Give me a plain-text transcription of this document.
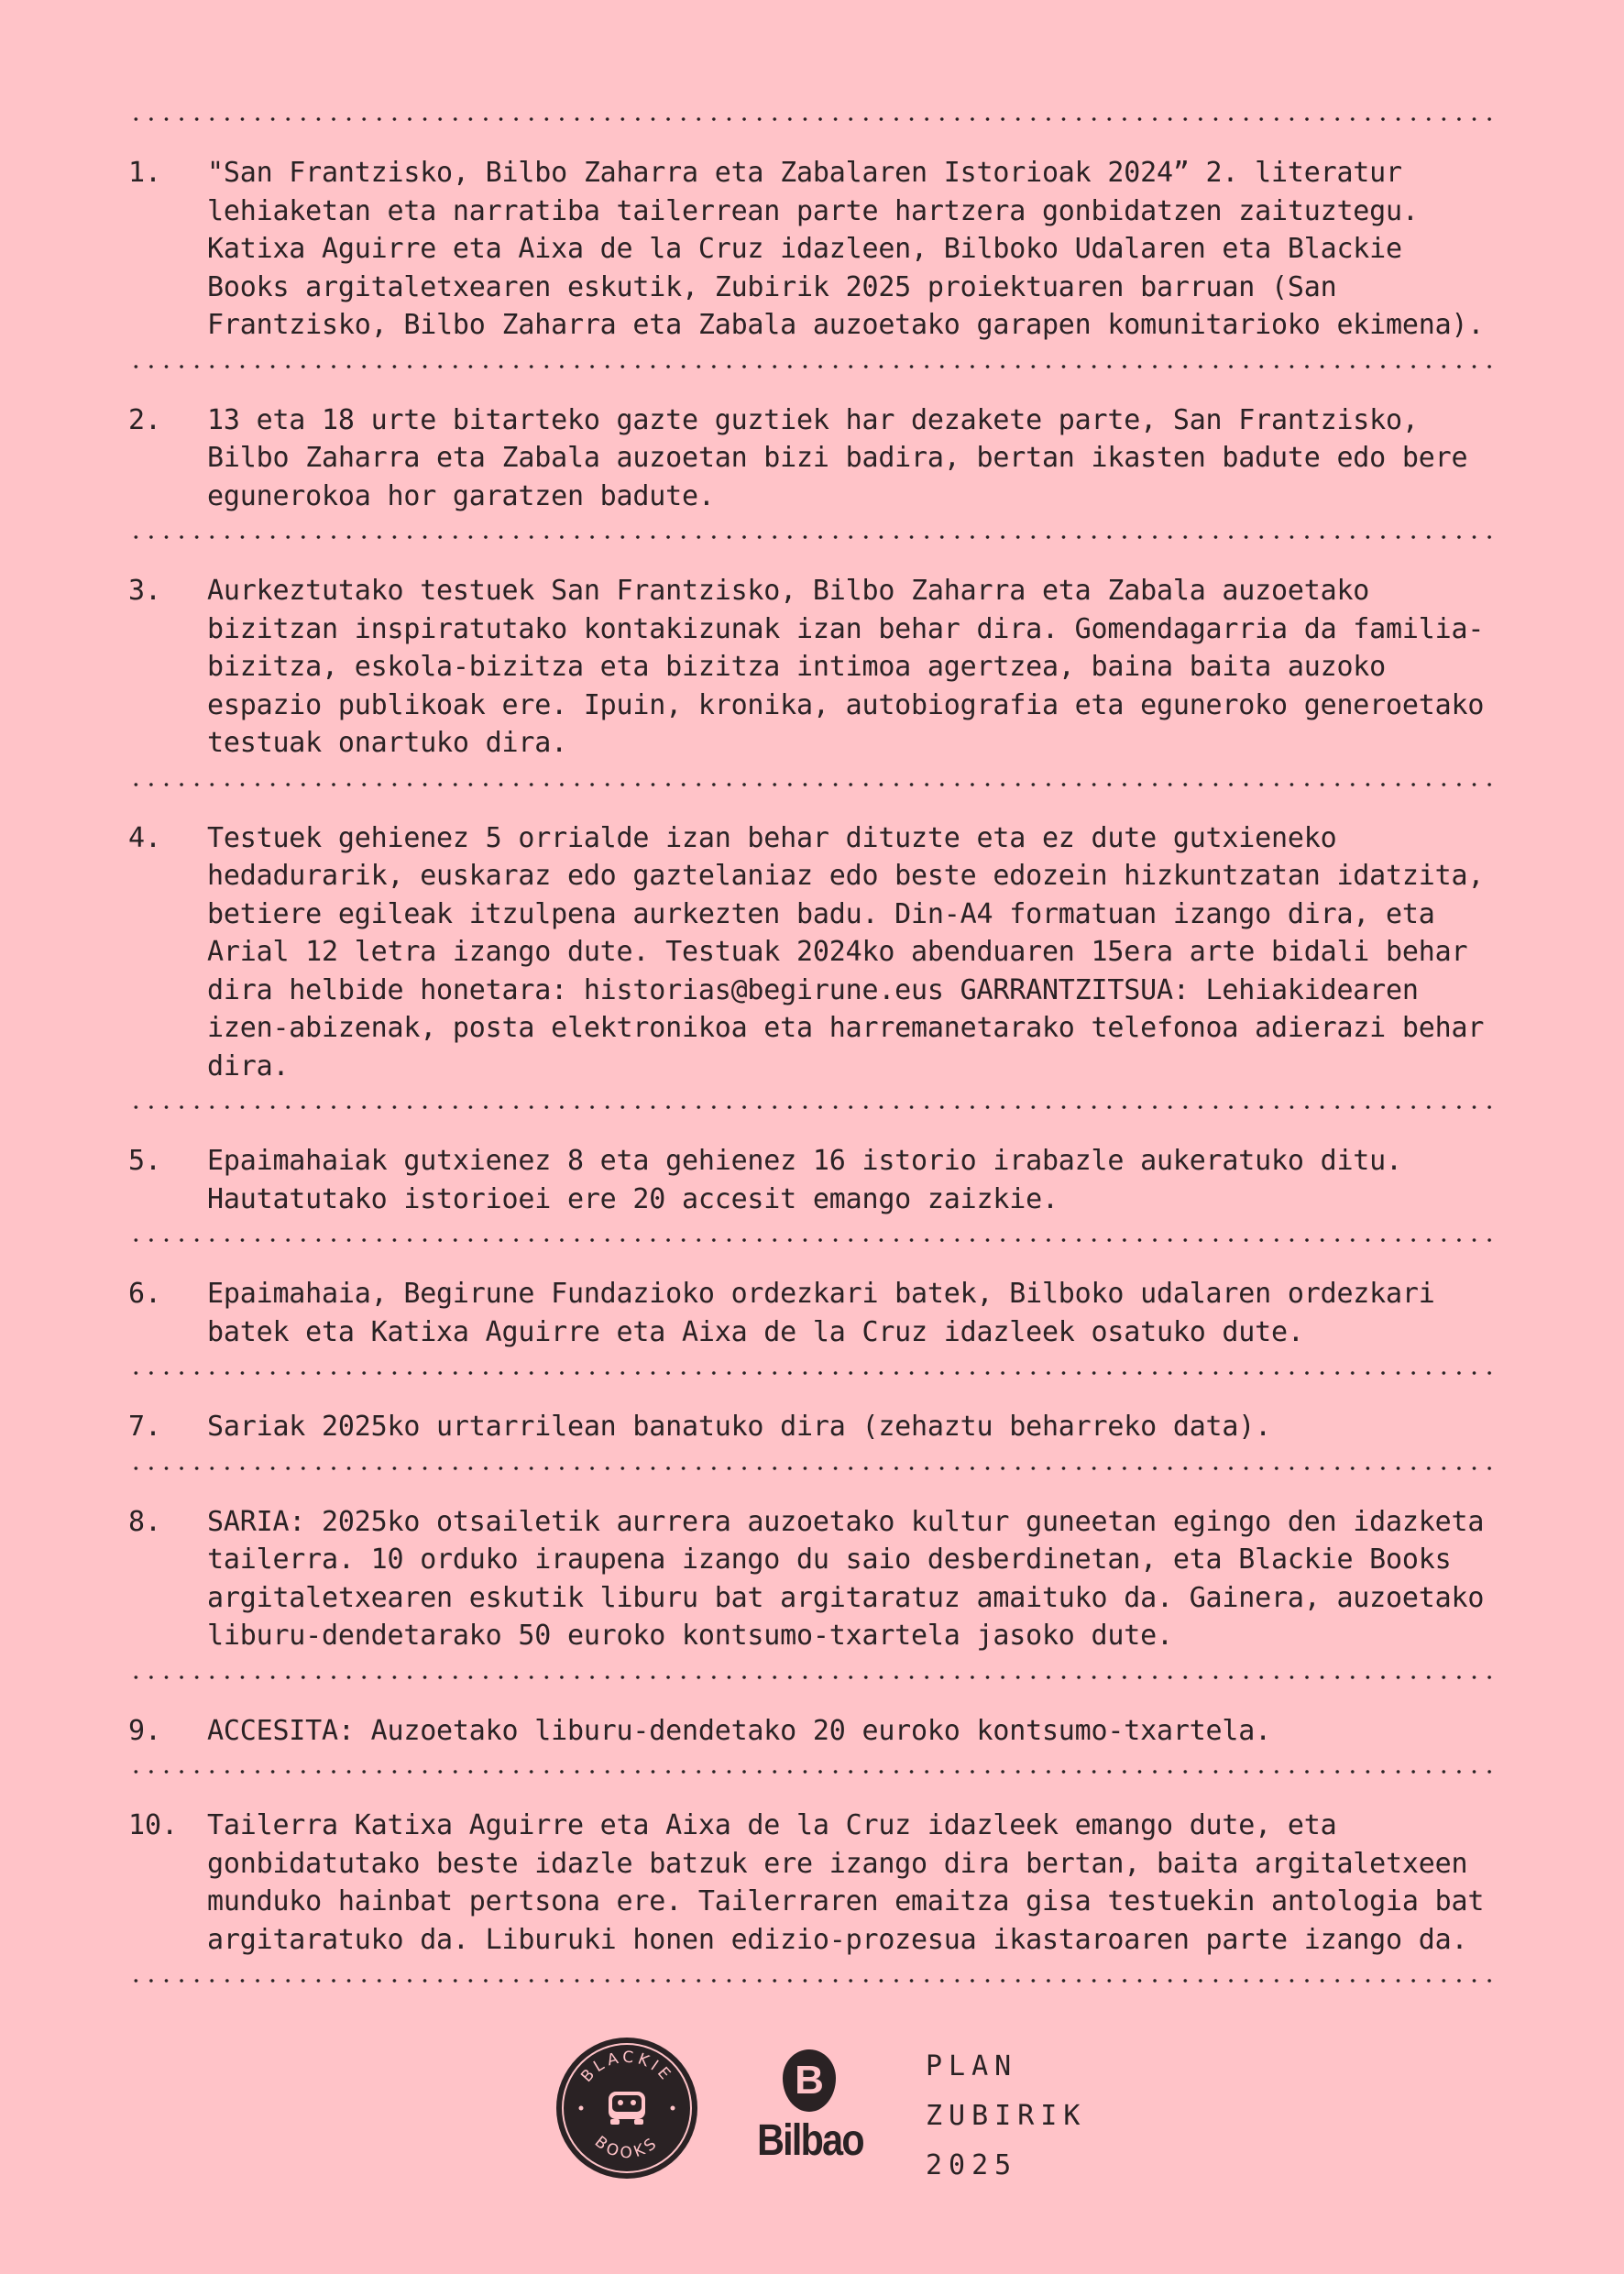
1.	"San Frantzisko, Bilbo Zaharra eta Zabalaren Istorioak 2024” 2. literatur lehiaketan eta narratiba tailerrean parte hartzera gonbidatzen zaituztegu. Katixa Aguirre eta Aixa de la Cruz idazleen, Bilboko Udalaren eta Blackie Books argitaletxearen eskutik, Zubirik 2025 proiektuaren barruan (San Frantzisko, Bilbo Zaharra eta Zabala auzoetako garapen komunitarioko ekimena).
2.	13 eta 18 urte bitarteko gazte guztiek har dezakete parte, San Frantzisko, Bilbo Zaharra eta Zabala auzoetan bizi badira, bertan ikasten badute edo bere egunerokoa hor garatzen badute.
3.	Aurkeztutako testuek San Frantzisko, Bilbo Zaharra eta Zabala auzoetako bizitzan inspiratutako kontakizunak izan behar dira. Gomendagarria da familia-bizitza, eskola-bizitza eta bizitza intimoa agertzea, baina baita auzoko espazio publikoak ere. Ipuin, kronika, autobiografia eta eguneroko generoetako testuak onartuko dira.
4.	Testuek gehienez 5 orrialde izan behar dituzte eta ez dute gutxieneko hedadurarik, euskaraz edo gaztelaniaz edo beste edozein hizkuntzatan idatzita, betiere egileak itzulpena aurkezten badu. Din-A4 formatuan izango dira, eta Arial 12 letra izango dute. Testuak 2024ko abenduaren 15era arte bidali behar dira helbide honetara: historias@begirune.eus GARRANTZITSUA: Lehiakidearen izen-abizenak, posta elektronikoa eta harremanetarako telefonoa adierazi behar dira.
5.	Epaimahaiak gutxienez 8 eta gehienez 16 istorio irabazle aukeratuko ditu. Hautatutako istorioei ere 20 accesit emango zaizkie.
6.	Epaimahaia, Begirune Fundazioko ordezkari batek, Bilboko udalaren ordezkari batek eta Katixa Aguirre eta Aixa de la Cruz idazleek osatuko dute.
7.	Sariak 2025ko urtarrilean banatuko dira (zehaztu beharreko data).
8.	SARIA: 2025ko otsailetik aurrera auzoetako kultur guneetan egingo den idazketa tailerra. 10 orduko iraupena izango du saio desberdinetan, eta Blackie Books argitaletxearen eskutik liburu bat argitaratuz amaituko da. Gainera, auzoetako liburu-dendetarako 50 euroko kontsumo-txartela jasoko dute.
9.	ACCESITA: Auzoetako liburu-dendetako 20 euroko kontsumo-txartela.
10.	Tailerra Katixa Aguirre eta Aixa de la Cruz idazleek emango dute, eta gonbidatutako beste idazle batzuk ere izango dira bertan, baita argitaletxeen munduko hainbat pertsona ere. Tailerraren emaitza gisa testuekin antologia bat argitaratuko da. Liburuki honen edizio-prozesua ikastaroaren parte izango da.
BLACKIE
BOOKS
B
Bilbao
PLAN
ZUBIRIK
2025
